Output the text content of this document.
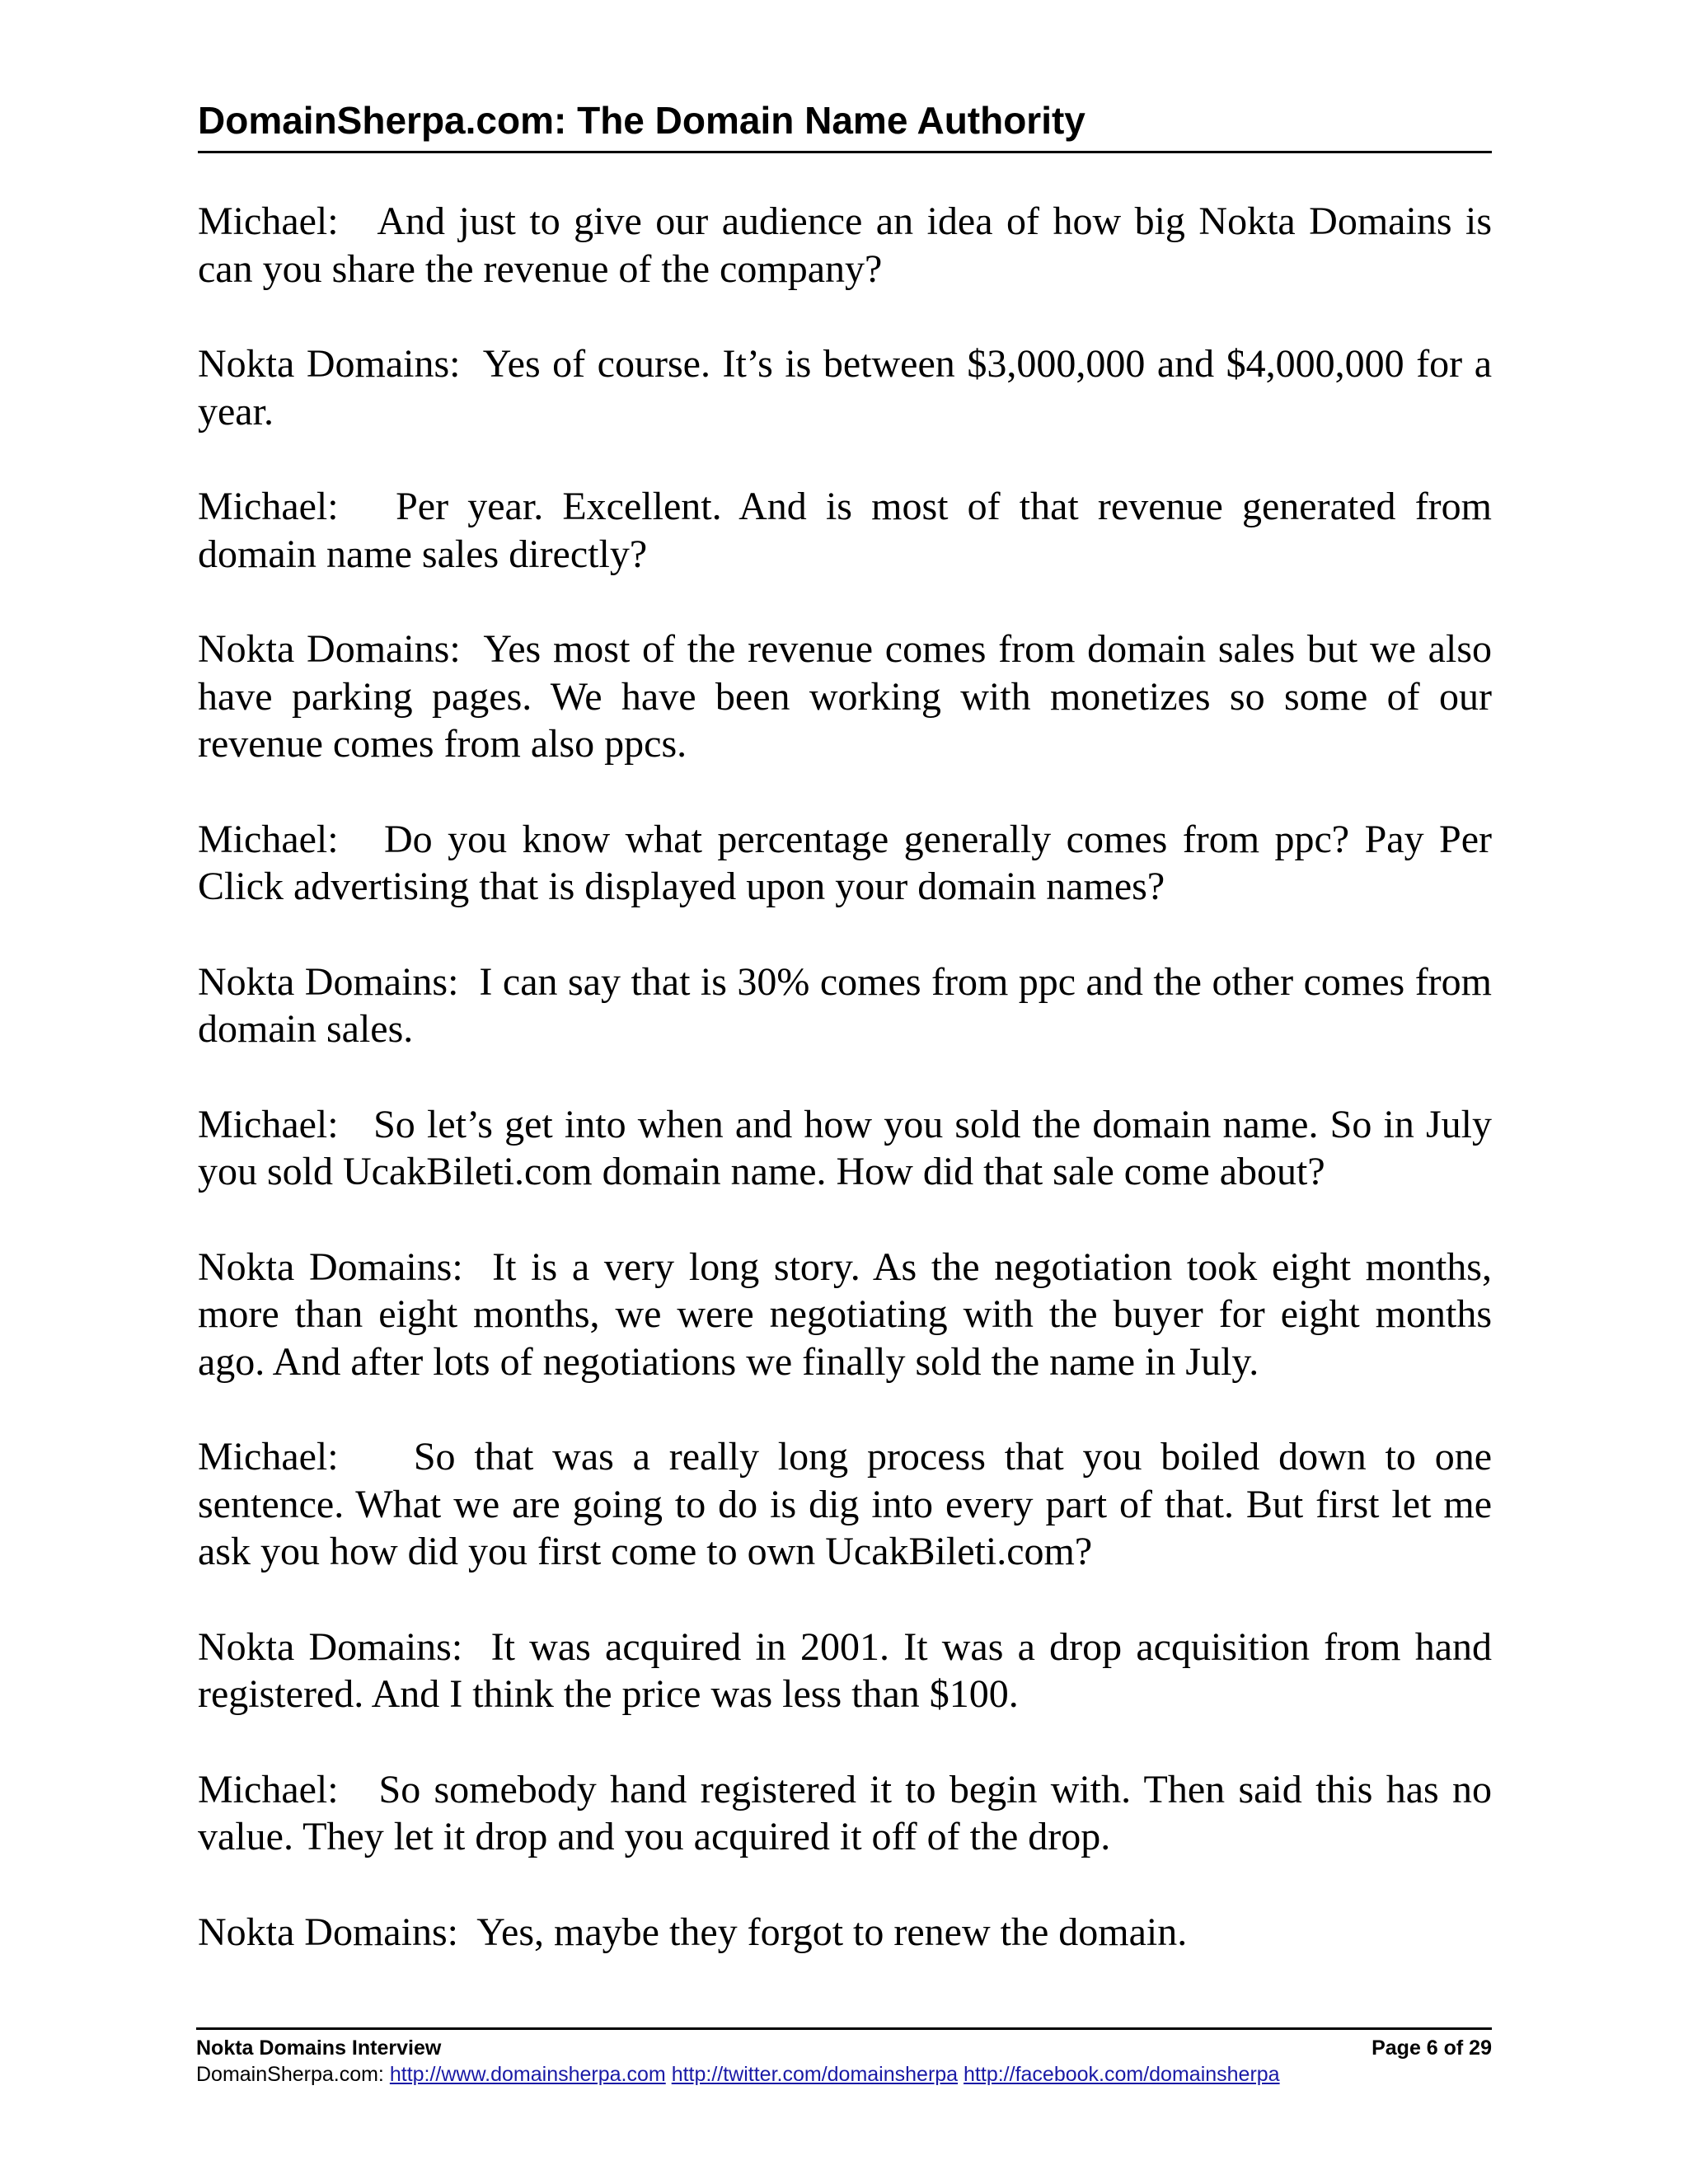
DomainSherpa.com: The Domain Name Authority

Michael: And just to give our audience an idea of how big Nokta Domains is can you share the revenue of the company?

Nokta Domains: Yes of course. It’s is between $3,000,000 and $4,000,000 for a year.

Michael: Per year. Excellent. And is most of that revenue generated from domain name sales directly?

Nokta Domains: Yes most of the revenue comes from domain sales but we also have parking pages. We have been working with monetizes so some of our revenue comes from also ppcs.

Michael: Do you know what percentage generally comes from ppc? Pay Per Click advertising that is displayed upon your domain names?

Nokta Domains: I can say that is 30% comes from ppc and the other comes from domain sales.

Michael: So let’s get into when and how you sold the domain name. So in July you sold UcakBileti.com domain name. How did that sale come about?

Nokta Domains: It is a very long story. As the negotiation took eight months, more than eight months, we were negotiating with the buyer for eight months ago. And after lots of negotiations we finally sold the name in July.

Michael: So that was a really long process that you boiled down to one sentence. What we are going to do is dig into every part of that. But first let me ask you how did you first come to own UcakBileti.com?

Nokta Domains: It was acquired in 2001. It was a drop acquisition from hand registered. And I think the price was less than $100.

Michael: So somebody hand registered it to begin with. Then said this has no value. They let it drop and you acquired it off of the drop.

Nokta Domains: Yes, maybe they forgot to renew the domain.

Nokta Domains Interview	Page 6 of 29
DomainSherpa.com: http://www.domainsherpa.com http://twitter.com/domainsherpa http://facebook.com/domainsherpa
